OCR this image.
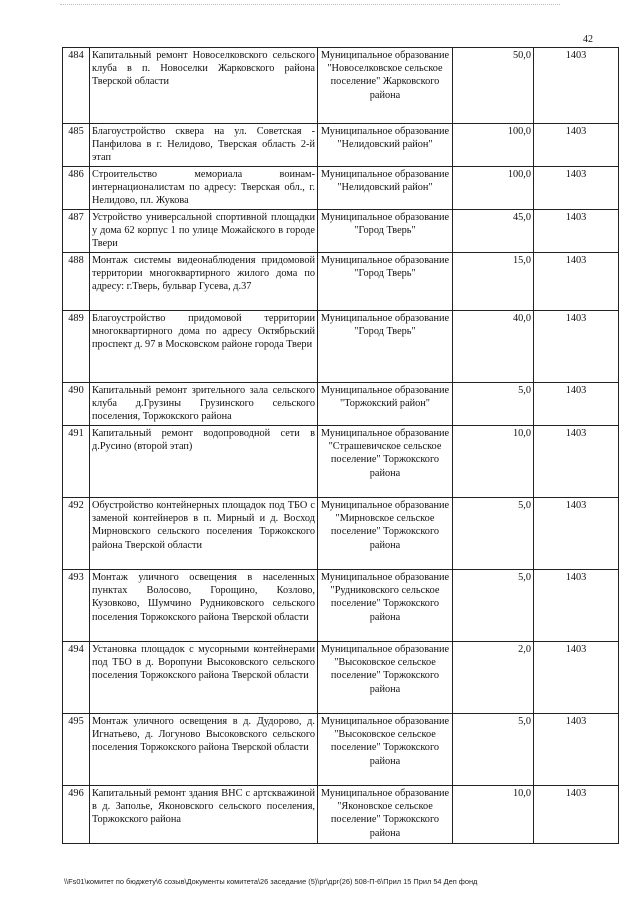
42
484	Капитальный ремонт Новоселковского сельского клуба в п. Новоселки Жарковского района Тверской области	Муниципальное образование "Новоселковское сельское поселение" Жарковского района	50,0	1403
485	Благоустройство сквера на ул. Советская - Панфилова в г. Нелидово, Тверская область 2-й этап	Муниципальное образование "Нелидовский район"	100,0	1403
486	Строительство мемориала воинам-интернационалистам по адресу: Тверская обл., г. Нелидово, пл. Жукова	Муниципальное образование "Нелидовский район"	100,0	1403
487	Устройство универсальной спортивной площадки у дома 62 корпус 1 по улице Можайского в городе Твери	Муниципальное образование "Город Тверь"	45,0	1403
488	Монтаж системы видеонаблюдения придомовой территории многоквартирного жилого дома по адресу: г.Тверь, бульвар Гусева, д.37	Муниципальное образование "Город Тверь"	15,0	1403
489	Благоустройство придомовой территории многоквартирного дома по адресу Октябрьский проспект д. 97 в Московском районе города Твери	Муниципальное образование "Город Тверь"	40,0	1403
490	Капитальный ремонт зрительного зала сельского клуба д.Грузины Грузинского сельского поселения, Торжокского района	Муниципальное образование "Торжокский район"	5,0	1403
491	Капитальный ремонт водопроводной сети в д.Русино (второй этап)	Муниципальное образование "Страшевичское сельское поселение" Торжокского района	10,0	1403
492	Обустройство контейнерных площадок под ТБО с заменой контейнеров в п. Мирный и д. Восход Мирновского сельского поселения Торжокского района Тверской области	Муниципальное образование "Мирновское сельское поселение" Торжокского района	5,0	1403
493	Монтаж уличного освещения в населенных пунктах Волосово, Горощино, Козлово, Кузовково, Шумчино Рудниковского сельского поселения Торжокского района Тверской области	Муниципальное образование "Рудниковского сельское поселение" Торжокского района	5,0	1403
494	Установка площадок с мусорными контейнерами под ТБО в д. Воропуни Высоковского сельского поселения Торжокского района Тверской области	Муниципальное образование "Высоковское сельское поселение" Торжокского района	2,0	1403
495	Монтаж уличного освещения в д. Дудорово, д. Игнатьево, д. Логуново Высоковского сельского поселения Торжокского района Тверской области	Муниципальное образование "Высоковское сельское поселение" Торжокского района	5,0	1403
496	Капитальный ремонт здания ВНС с артскважиной в д. Заполье, Яконовского сельского поселения, Торжокского района	Муниципальное образование "Яконовское сельское поселение" Торжокского района	10,0	1403
\\Fs01\комитет по бюджету\6 созыв\Документы комитета\26 заседание (5)\рг\дрг(26) 508-П-6\Прил 15 Прил 54 Деп фонд
